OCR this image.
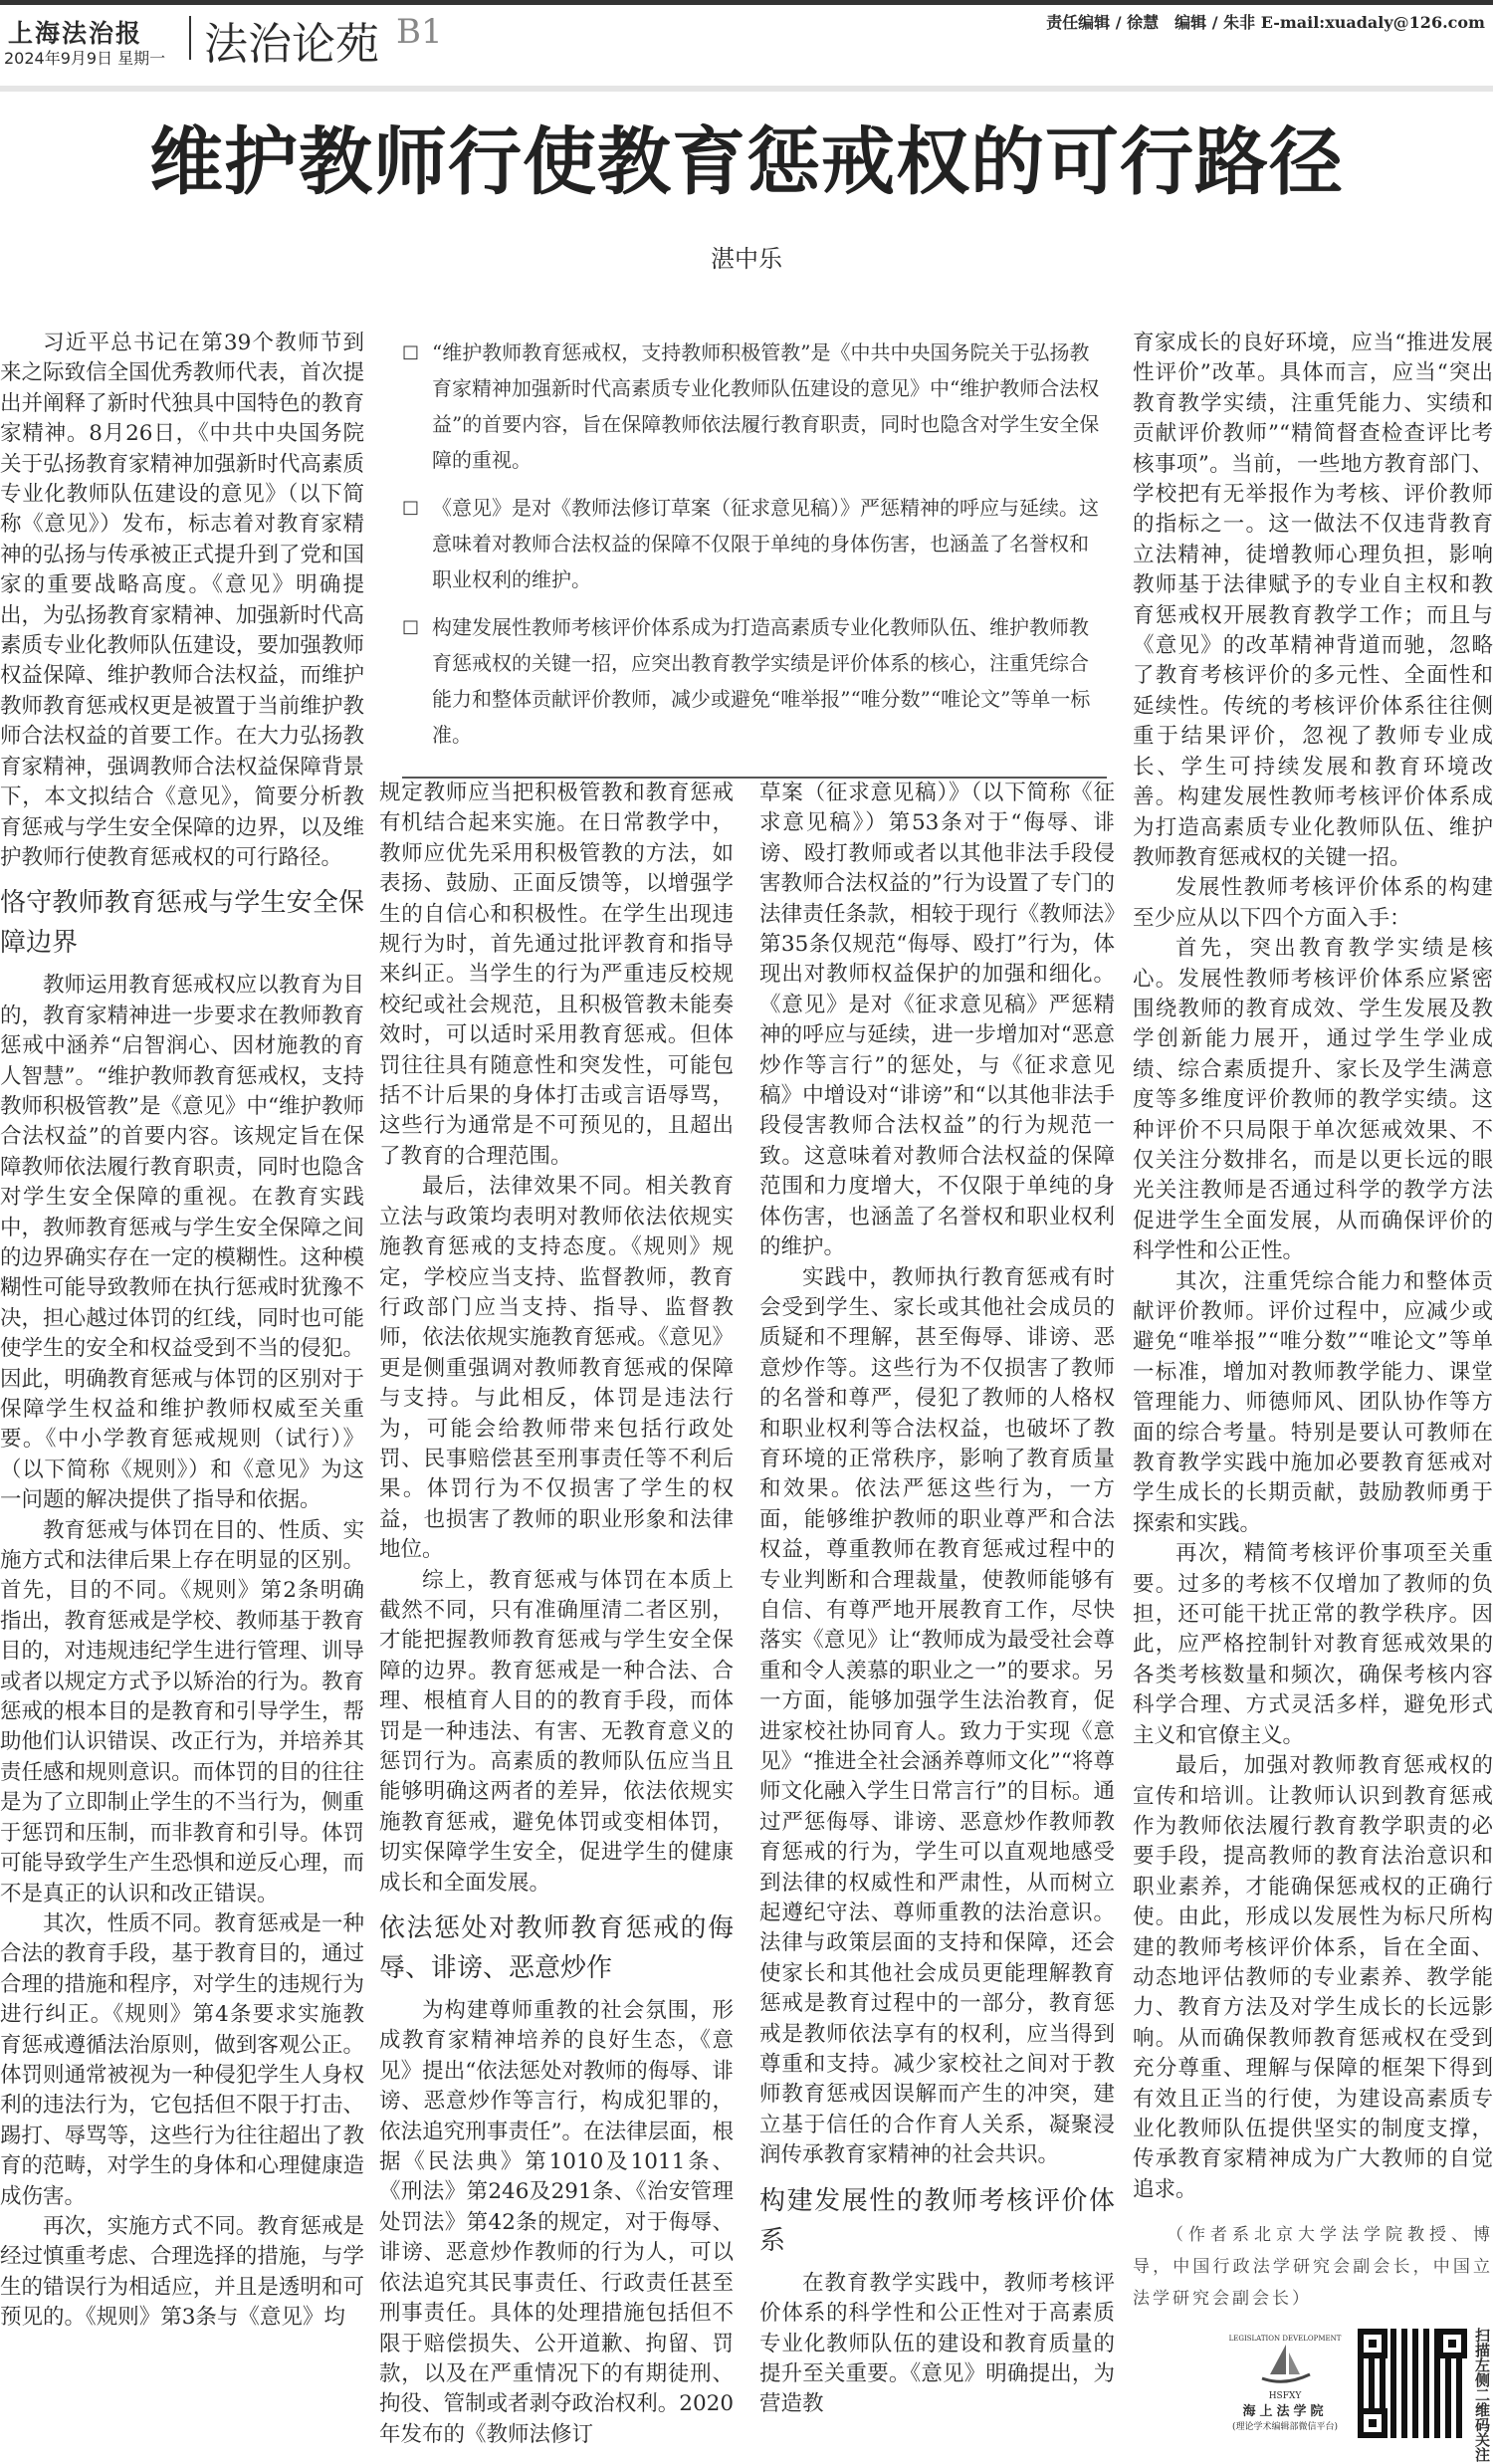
上海法治报
2024年9月9日 星期一 法治论苑 B1	责任编辑 / 徐慧　编辑 / 朱非 E-mail:xuadaly@126.com
维护教师行使教育惩戒权的可行路径
湛中乐

习近平总书记在第39个教师节到来之际致信全国优秀教师代表，首次提出并阐释了新时代独具中国特色的教育家精神。8月26日，《中共中央国务院关于弘扬教育家精神加强新时代高素质专业化教师队伍建设的意见》（以下简称《意见》）发布，标志着对教育家精神的弘扬与传承被正式提升到了党和国家的重要战略高度。《意见》明确提出，为弘扬教育家精神、加强新时代高素质专业化教师队伍建设，要加强教师权益保障、维护教师合法权益，而维护教师教育惩戒权更是被置于当前维护教师合法权益的首要工作。在大力弘扬教育家精神，强调教师合法权益保障背景下，本文拟结合《意见》，简要分析教育惩戒与学生安全保障的边界，以及维护教师行使教育惩戒权的可行路径。

恪守教师教育惩戒与学生安全保障边界

教师运用教育惩戒权应以教育为目的，教育家精神进一步要求在教师教育惩戒中涵养“启智润心、因材施教的育人智慧”。“维护教师教育惩戒权，支持教师积极管教”是《意见》中“维护教师合法权益”的首要内容。该规定旨在保障教师依法履行教育职责，同时也隐含对学生安全保障的重视。在教育实践中，教师教育惩戒与学生安全保障之间的边界确实存在一定的模糊性。这种模糊性可能导致教师在执行惩戒时犹豫不决，担心越过体罚的红线，同时也可能使学生的安全和权益受到不当的侵犯。因此，明确教育惩戒与体罚的区别对于保障学生权益和维护教师权威至关重要。《中小学教育惩戒规则（试行）》（以下简称《规则》）和《意见》为这一问题的解决提供了指导和依据。

教育惩戒与体罚在目的、性质、实施方式和法律后果上存在明显的区别。首先，目的不同。《规则》第2条明确指出，教育惩戒是学校、教师基于教育目的，对违规违纪学生进行管理、训导或者以规定方式予以矫治的行为。教育惩戒的根本目的是教育和引导学生，帮助他们认识错误、改正行为，并培养其责任感和规则意识。而体罚的目的往往是为了立即制止学生的不当行为，侧重于惩罚和压制，而非教育和引导。体罚可能导致学生产生恐惧和逆反心理，而不是真正的认识和改正错误。

其次，性质不同。教育惩戒是一种合法的教育手段，基于教育目的，通过合理的措施和程序，对学生的违规行为进行纠正。《规则》第4条要求实施教育惩戒遵循法治原则，做到客观公正。体罚则通常被视为一种侵犯学生人身权利的违法行为，它包括但不限于打击、踢打、辱骂等，这些行为往往超出了教育的范畴，对学生的身体和心理健康造成伤害。

再次，实施方式不同。教育惩戒是经过慎重考虑、合理选择的措施，与学生的错误行为相适应，并且是透明和可预见的。《规则》第3条与《意见》均

□ “维护教师教育惩戒权，支持教师积极管教”是《中共中央国务院关于弘扬教育家精神加强新时代高素质专业化教师队伍建设的意见》中“维护教师合法权益”的首要内容，旨在保障教师依法履行教育职责，同时也隐含对学生安全保障的重视。
□ 《意见》是对《教师法修订草案（征求意见稿）》严惩精神的呼应与延续。这意味着对教师合法权益的保障不仅限于单纯的身体伤害，也涵盖了名誉权和职业权利的维护。
□ 构建发展性教师考核评价体系成为打造高素质专业化教师队伍、维护教师教育惩戒权的关键一招，应突出教育教学实绩是评价体系的核心，注重凭综合能力和整体贡献评价教师，减少或避免“唯举报”“唯分数”“唯论文”等单一标准。

规定教师应当把积极管教和教育惩戒有机结合起来实施。在日常教学中，教师应优先采用积极管教的方法，如表扬、鼓励、正面反馈等，以增强学生的自信心和积极性。在学生出现违规行为时，首先通过批评教育和指导来纠正。当学生的行为严重违反校规校纪或社会规范，且积极管教未能奏效时，可以适时采用教育惩戒。但体罚往往具有随意性和突发性，可能包括不计后果的身体打击或言语辱骂，这些行为通常是不可预见的，且超出了教育的合理范围。

最后，法律效果不同。相关教育立法与政策均表明对教师依法依规实施教育惩戒的支持态度。《规则》规定，学校应当支持、监督教师，教育行政部门应当支持、指导、监督教师，依法依规实施教育惩戒。《意见》更是侧重强调对教师教育惩戒的保障与支持。与此相反，体罚是违法行为，可能会给教师带来包括行政处罚、民事赔偿甚至刑事责任等不利后果。体罚行为不仅损害了学生的权益，也损害了教师的职业形象和法律地位。

综上，教育惩戒与体罚在本质上截然不同，只有准确厘清二者区别，才能把握教师教育惩戒与学生安全保障的边界。教育惩戒是一种合法、合理、根植育人目的的教育手段，而体罚是一种违法、有害、无教育意义的惩罚行为。高素质的教师队伍应当且能够明确这两者的差异，依法依规实施教育惩戒，避免体罚或变相体罚，切实保障学生安全，促进学生的健康成长和全面发展。

依法惩处对教师教育惩戒的侮辱、诽谤、恶意炒作

为构建尊师重教的社会氛围，形成教育家精神培养的良好生态，《意见》提出“依法惩处对教师的侮辱、诽谤、恶意炒作等言行，构成犯罪的，依法追究刑事责任”。在法律层面，根据《民法典》第1010及1011条、《刑法》第246及291条、《治安管理处罚法》第42条的规定，对于侮辱、诽谤、恶意炒作教师的行为人，可以依法追究其民事责任、行政责任甚至刑事责任。具体的处理措施包括但不限于赔偿损失、公开道歉、拘留、罚款，以及在严重情况下的有期徒刑、拘役、管制或者剥夺政治权利。2020年发布的《教师法修订

草案（征求意见稿）》（以下简称《征求意见稿》）第53条对于“侮辱、诽谤、殴打教师或者以其他非法手段侵害教师合法权益的”行为设置了专门的法律责任条款，相较于现行《教师法》第35条仅规范“侮辱、殴打”行为，体现出对教师权益保护的加强和细化。《意见》是对《征求意见稿》严惩精神的呼应与延续，进一步增加对“恶意炒作等言行”的惩处，与《征求意见稿》中增设对“诽谤”和“以其他非法手段侵害教师合法权益”的行为规范一致。这意味着对教师合法权益的保障范围和力度增大，不仅限于单纯的身体伤害，也涵盖了名誉权和职业权利的维护。

实践中，教师执行教育惩戒有时会受到学生、家长或其他社会成员的质疑和不理解，甚至侮辱、诽谤、恶意炒作等。这些行为不仅损害了教师的名誉和尊严，侵犯了教师的人格权和职业权利等合法权益，也破坏了教育环境的正常秩序，影响了教育质量和效果。依法严惩这些行为，一方面，能够维护教师的职业尊严和合法权益，尊重教师在教育惩戒过程中的专业判断和合理裁量，使教师能够有自信、有尊严地开展教育工作，尽快落实《意见》让“教师成为最受社会尊重和令人羡慕的职业之一”的要求。另一方面，能够加强学生法治教育，促进家校社协同育人。致力于实现《意见》“推进全社会涵养尊师文化”“将尊师文化融入学生日常言行”的目标。通过严惩侮辱、诽谤、恶意炒作教师教育惩戒的行为，学生可以直观地感受到法律的权威性和严肃性，从而树立起遵纪守法、尊师重教的法治意识。法律与政策层面的支持和保障，还会使家长和其他社会成员更能理解教育惩戒是教育过程中的一部分，教育惩戒是教师依法享有的权利，应当得到尊重和支持。减少家校社之间对于教师教育惩戒因误解而产生的冲突，建立基于信任的合作育人关系，凝聚浸润传承教育家精神的社会共识。

构建发展性的教师考核评价体系

在教育教学实践中，教师考核评价体系的科学性和公正性对于高素质专业化教师队伍的建设和教育质量的提升至关重要。《意见》明确提出，为营造教

育家成长的良好环境，应当“推进发展性评价”改革。具体而言，应当“突出教育教学实绩，注重凭能力、实绩和贡献评价教师”“精简督查检查评比考核事项”。当前，一些地方教育部门、学校把有无举报作为考核、评价教师的指标之一。这一做法不仅违背教育立法精神，徒增教师心理负担，影响教师基于法律赋予的专业自主权和教育惩戒权开展教育教学工作；而且与《意见》的改革精神背道而驰，忽略了教育考核评价的多元性、全面性和延续性。传统的考核评价体系往往侧重于结果评价，忽视了教师专业成长、学生可持续发展和教育环境改善。构建发展性教师考核评价体系成为打造高素质专业化教师队伍、维护教师教育惩戒权的关键一招。

发展性教师考核评价体系的构建至少应从以下四个方面入手：

首先，突出教育教学实绩是核心。发展性教师考核评价体系应紧密围绕教师的教育成效、学生发展及教学创新能力展开，通过学生学业成绩、综合素质提升、家长及学生满意度等多维度评价教师的教学实绩。这种评价不只局限于单次惩戒效果、不仅关注分数排名，而是以更长远的眼光关注教师是否通过科学的教学方法促进学生全面发展，从而确保评价的科学性和公正性。

其次，注重凭综合能力和整体贡献评价教师。评价过程中，应减少或避免“唯举报”“唯分数”“唯论文”等单一标准，增加对教师教学能力、课堂管理能力、师德师风、团队协作等方面的综合考量。特别是要认可教师在教育教学实践中施加必要教育惩戒对学生成长的长期贡献，鼓励教师勇于探索和实践。

再次，精简考核评价事项至关重要。过多的考核不仅增加了教师的负担，还可能干扰正常的教学秩序。因此，应严格控制针对教育惩戒效果的各类考核数量和频次，确保考核内容科学合理、方式灵活多样，避免形式主义和官僚主义。

最后，加强对教师教育惩戒权的宣传和培训。让教师认识到教育惩戒作为教师依法履行教育教学职责的必要手段，提高教师的教育法治意识和职业素养，才能确保惩戒权的正确行使。由此，形成以发展性为标尺所构建的教师考核评价体系，旨在全面、动态地评估教师的专业素养、教学能力、教育方法及对学生成长的长远影响。从而确保教师教育惩戒权在受到充分尊重、理解与保障的框架下得到有效且正当的行使，为建设高素质专业化教师队伍提供坚实的制度支撑，传承教育家精神成为广大教师的自觉追求。

（作者系北京大学法学院教授、博导，中国行政法学研究会副会长，中国立法学研究会副会长）

LEGISLATION DEVELOPMENT
HSFXY
海上法学院
(理论学术编辑部微信平台)
扫描左侧二维码关注
